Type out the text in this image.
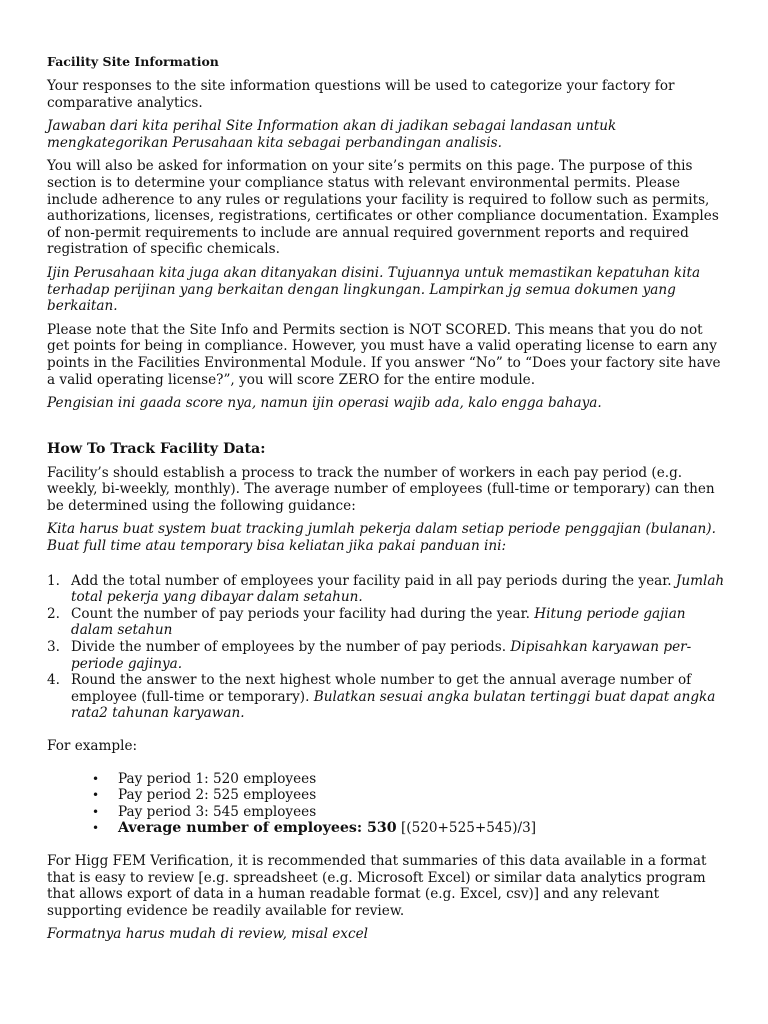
Facility Site Information

Your responses to the site information questions will be used to categorize your factory for comparative analytics.

Jawaban dari kita perihal Site Information akan di jadikan sebagai landasan untuk mengkategorikan Perusahaan kita sebagai perbandingan analisis.

You will also be asked for information on your site’s permits on this page. The purpose of this section is to determine your compliance status with relevant environmental permits. Please include adherence to any rules or regulations your facility is required to follow such as permits, authorizations, licenses, registrations, certificates or other compliance documentation. Examples of non-permit requirements to include are annual required government reports and required registration of specific chemicals.

Ijin Perusahaan kita juga akan ditanyakan disini. Tujuannya untuk memastikan kepatuhan kita terhadap perijinan yang berkaitan dengan lingkungan. Lampirkan jg semua dokumen yang berkaitan.

Please note that the Site Info and Permits section is NOT SCORED. This means that you do not get points for being in compliance. However, you must have a valid operating license to earn any points in the Facilities Environmental Module. If you answer “No” to “Does your factory site have a valid operating license?”, you will score ZERO for the entire module.

Pengisian ini gaada score nya, namun ijin operasi wajib ada, kalo engga bahaya.

How To Track Facility Data:

Facility’s should establish a process to track the number of workers in each pay period (e.g. weekly, bi-weekly, monthly). The average number of employees (full-time or temporary) can then be determined using the following guidance:

Kita harus buat system buat tracking jumlah pekerja dalam setiap periode penggajian (bulanan). Buat full time atau temporary bisa keliatan jika pakai panduan ini:

1. Add the total number of employees your facility paid in all pay periods during the year. Jumlah total pekerja yang dibayar dalam setahun.
2. Count the number of pay periods your facility had during the year. Hitung periode gajian dalam setahun
3. Divide the number of employees by the number of pay periods. Dipisahkan karyawan per-periode gajinya.
4. Round the answer to the next highest whole number to get the annual average number of employee (full-time or temporary). Bulatkan sesuai angka bulatan tertinggi buat dapat angka rata2 tahunan karyawan.

For example:

• Pay period 1: 520 employees
• Pay period 2: 525 employees
• Pay period 3: 545 employees
• Average number of employees: 530 [(520+525+545)/3]

For Higg FEM Verification, it is recommended that summaries of this data available in a format that is easy to review [e.g. spreadsheet (e.g. Microsoft Excel) or similar data analytics program that allows export of data in a human readable format (e.g. Excel, csv)] and any relevant supporting evidence be readily available for review.

Formatnya harus mudah di review, misal excel
